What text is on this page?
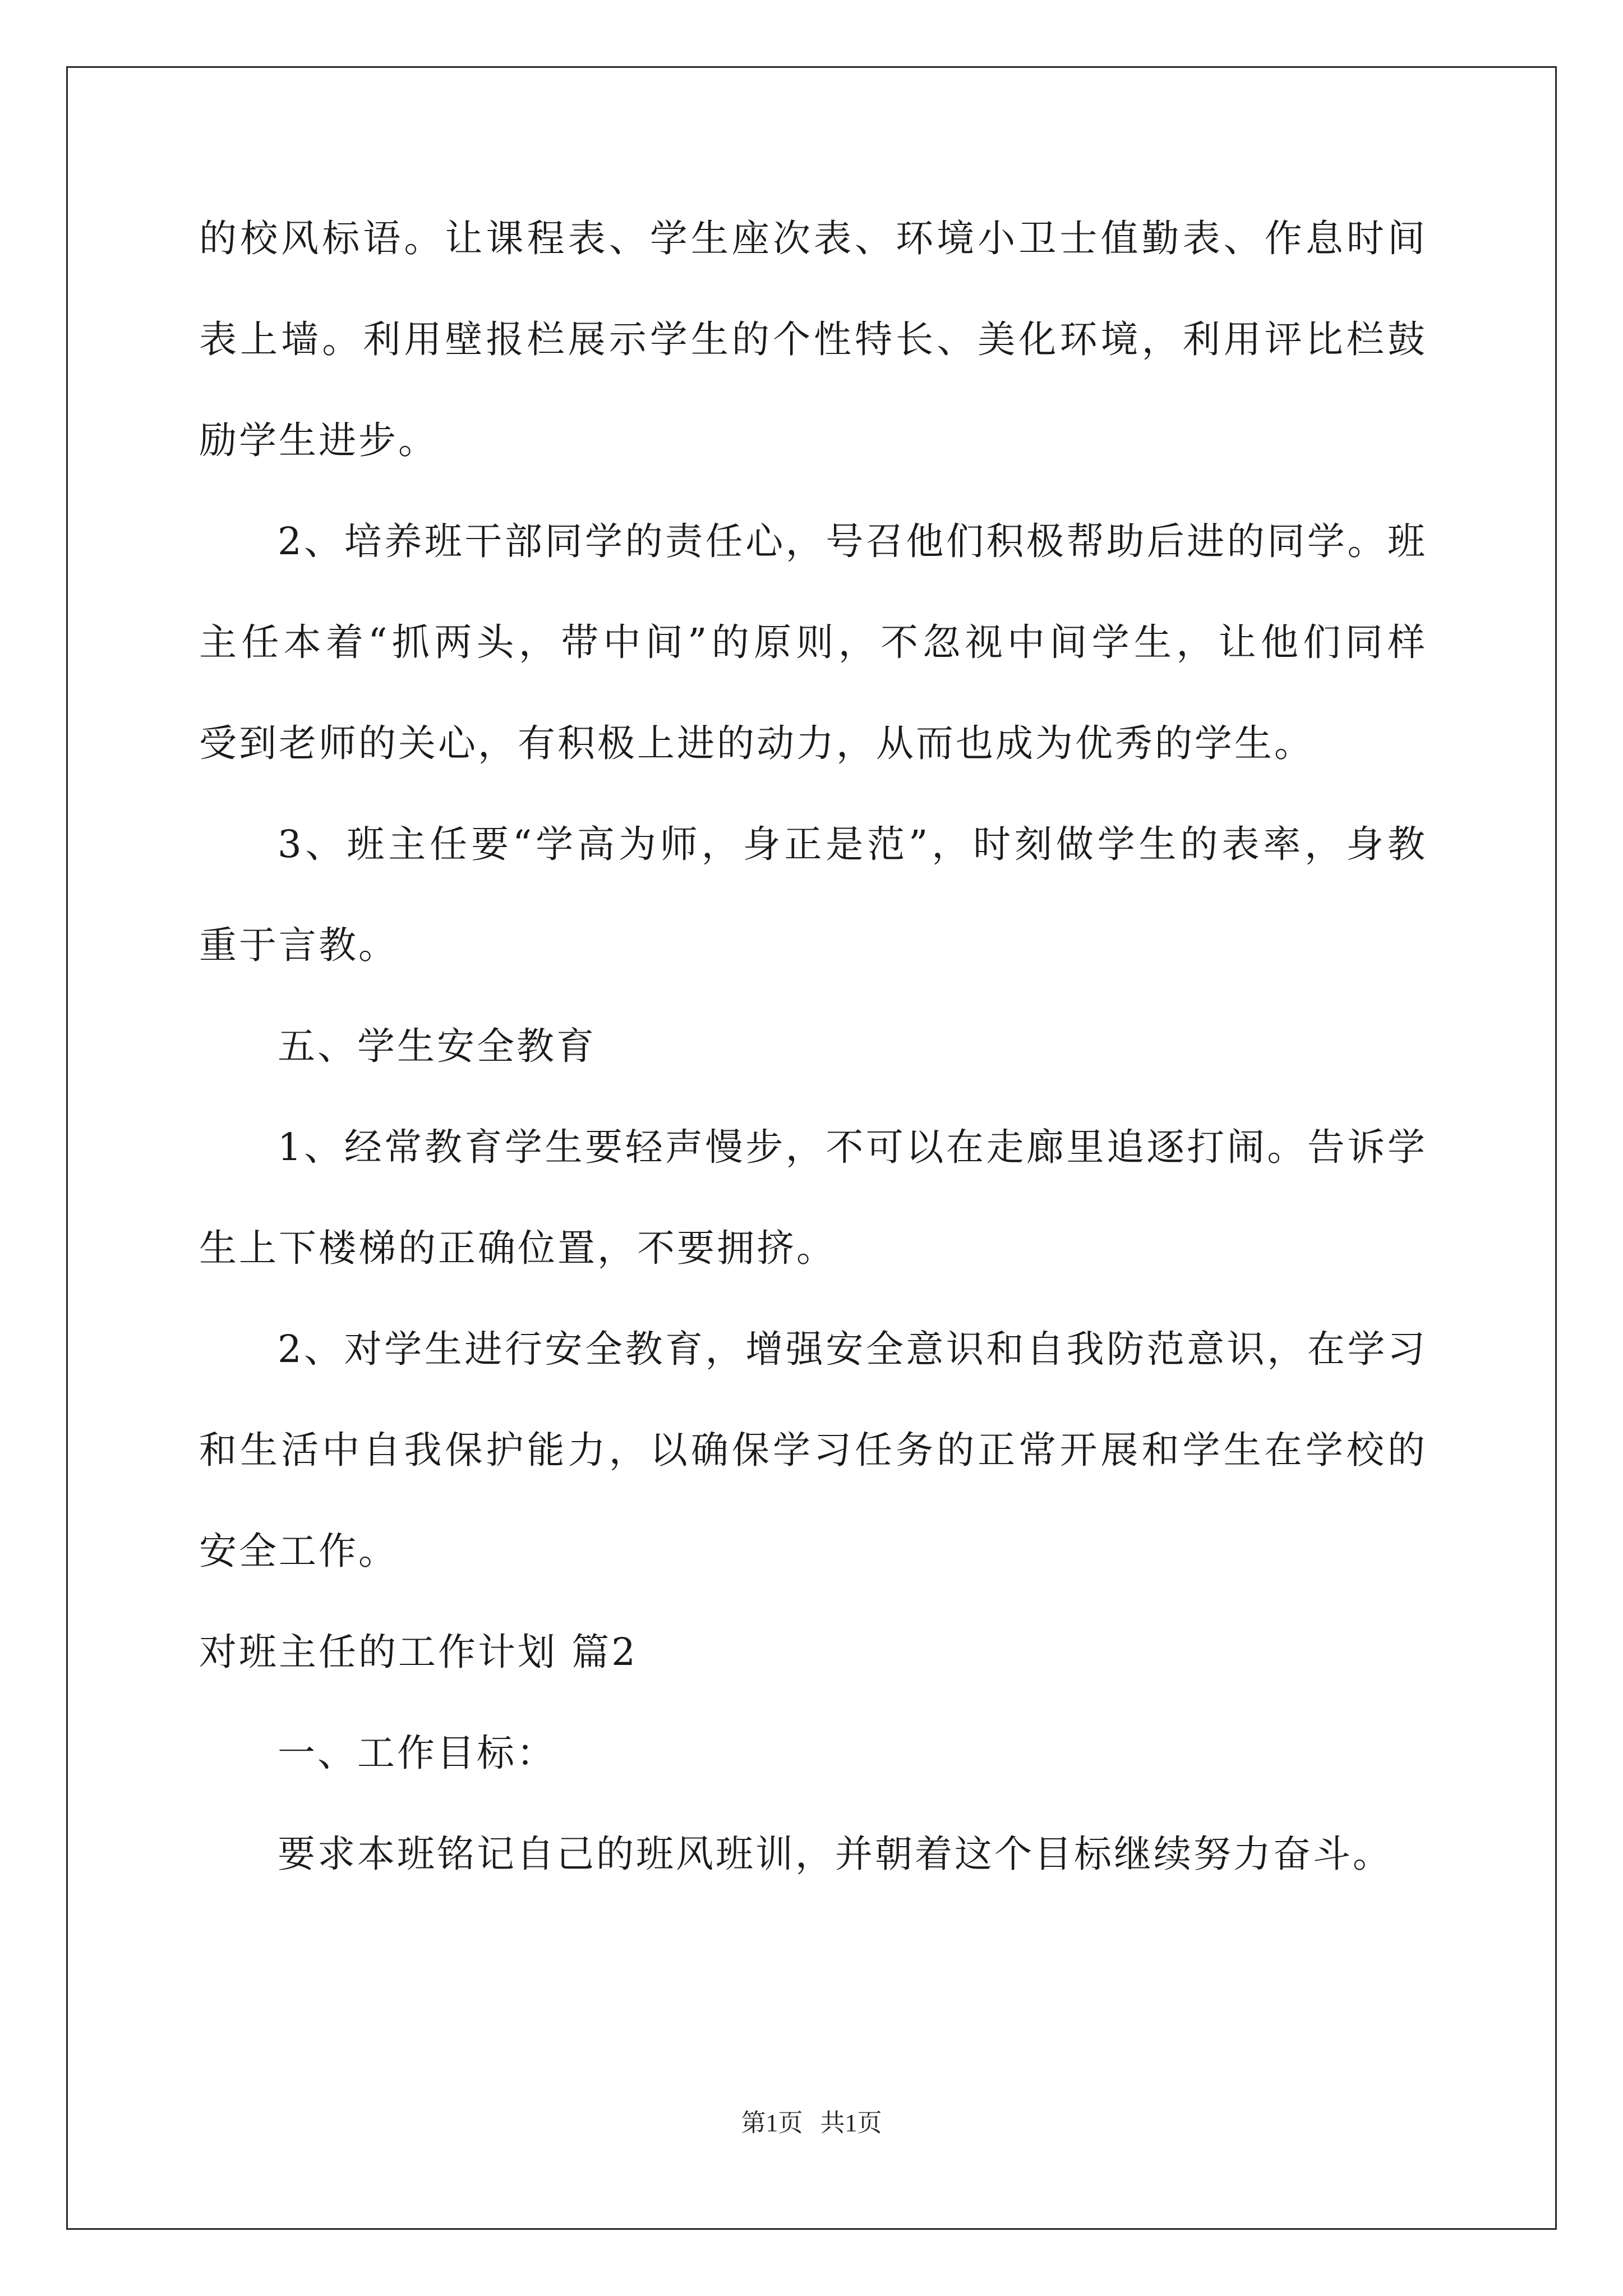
的校风标语。让课程表、学生座次表、环境小卫士值勤表、作息时间

表上墙。利用壁报栏展示学生的个性特长、美化环境，利用评比栏鼓

励学生进步。

2、培养班干部同学的责任心，号召他们积极帮助后进的同学。班

主任本着“抓两头，带中间”的原则，不忽视中间学生，让他们同样

受到老师的关心，有积极上进的动力，从而也成为优秀的学生。

3、班主任要“学高为师，身正是范”，时刻做学生的表率，身教

重于言教。

五、学生安全教育

1、经常教育学生要轻声慢步，不可以在走廊里追逐打闹。告诉学

生上下楼梯的正确位置，不要拥挤。

2、对学生进行安全教育，增强安全意识和自我防范意识，在学习

和生活中自我保护能力，以确保学习任务的正常开展和学生在学校的

安全工作。

对班主任的工作计划 篇2

一、工作目标：

要求本班铭记自己的班风班训，并朝着这个目标继续努力奋斗。

第1页 共1页
